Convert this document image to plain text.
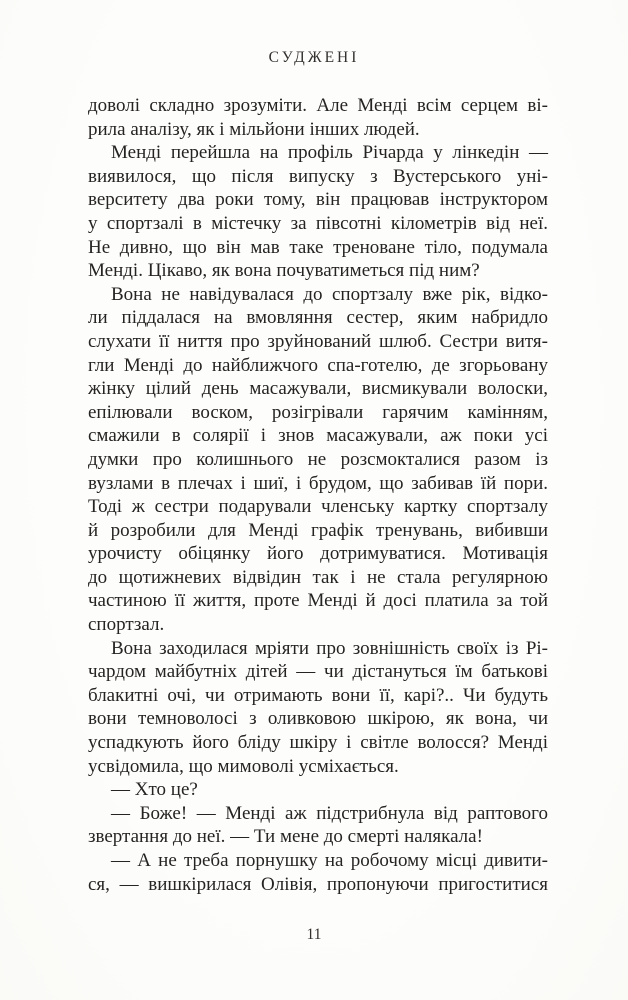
СУДЖЕНІ
доволі складно зрозуміти. Але Менді всім серцем ві-
рила аналізу, як і мільйони інших людей.
Менді перейшла на профіль Річарда у лінкедін —
виявилося, що після випуску з Вустерського уні-
верситету два роки тому, він працював інструктором
у спортзалі в містечку за півсотні кілометрів від неї.
Не дивно, що він мав таке треноване тіло, подумала
Менді. Цікаво, як вона почуватиметься під ним?
Вона не навідувалася до спортзалу вже рік, відко-
ли піддалася на вмовляння сестер, яким набридло
слухати її ниття про зруйнований шлюб. Сестри витя-
гли Менді до найближчого спа-готелю, де згорьовану
жінку цілий день масажували, висмикували волоски,
епілювали воском, розігрівали гарячим камінням,
смажили в солярії і знов масажували, аж поки усі
думки про колишнього не розсмокталися разом із
вузлами в плечах і шиї, і брудом, що забивав їй пори.
Тоді ж сестри подарували членську картку спортзалу
й розробили для Менді графік тренувань, вибивши
урочисту обіцянку його дотримуватися. Мотивація
до щотижневих відвідин так і не стала регулярною
частиною її життя, проте Менді й досі платила за той
спортзал.
Вона заходилася мріяти про зовнішність своїх із Рі-
чардом майбутніх дітей — чи дістануться їм батькові
блакитні очі, чи отримають вони її, карі?.. Чи будуть
вони темноволосі з оливковою шкірою, як вона, чи
успадкують його бліду шкіру і світле волосся? Менді
усвідомила, що мимоволі усміхається.
— Хто це?
— Боже! — Менді аж підстрибнула від раптового
звертання до неї. — Ти мене до смерті налякала!
— А не треба порнушку на робочому місці дивити-
ся, — вишкірилася Олівія, пропонуючи пригоститися
11
